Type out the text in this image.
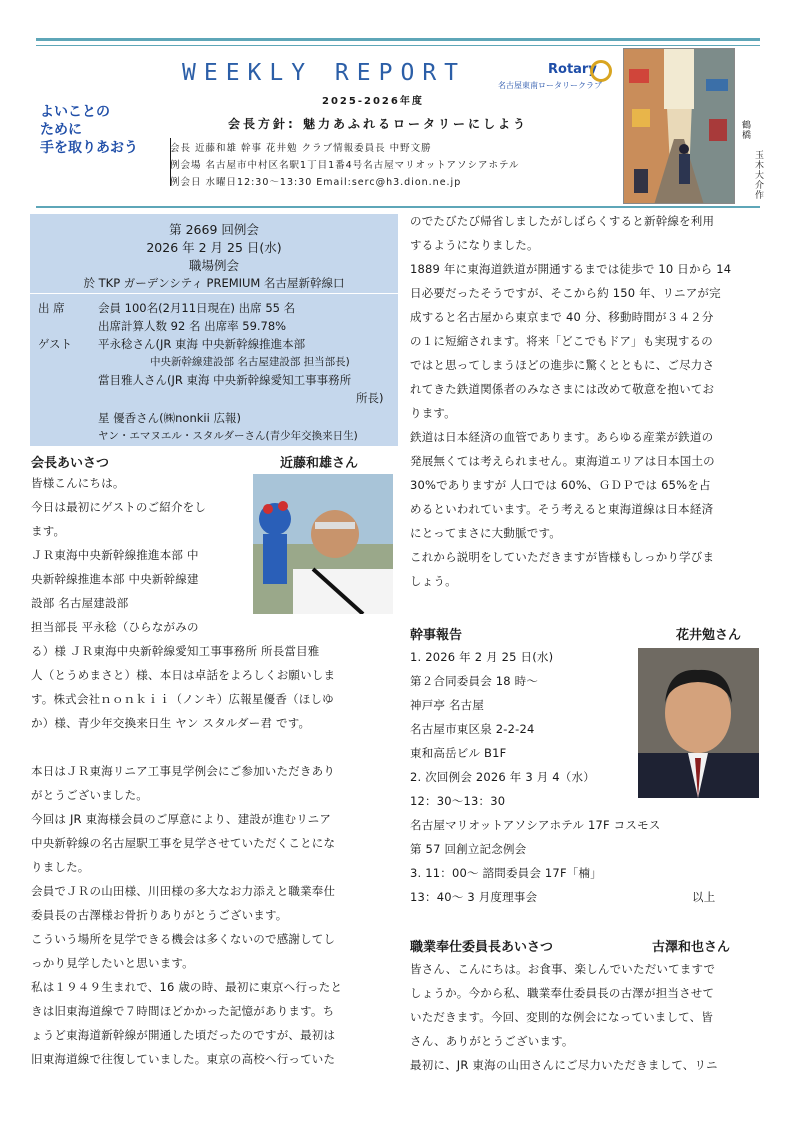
よいことの
ために
手を取りあおう
WEEKLY REPORT	Rotary
名古屋東南ロータリークラブ
2025-2026年度
会長方針: 魅力あふれるロータリーにしよう
会長 近藤和雄 幹事 花井勉 クラブ情報委員長 中野文勝
例会場 名古屋市中村区名駅1丁目1番4号名古屋マリオットアソシアホテル
例会日 水曜日12:30〜13:30 Email:serc@h3.dion.ne.jp
鶴橋
玉木大介作
第 2669 回例会
2026 年 2 月 25 日(水)
職場例会
於 TKP ガーデンシティ PREMIUM 名古屋新幹線口
出 席	会員 100名(2月11日現在) 出席 55 名
出席計算人数 92 名 出席率 59.78%
ゲスト 平永稔さん(JR 東海 中央新幹線推進本部
中央新幹線建設部 名古屋建設部 担当部長)
當目雅人さん(JR 東海 中央新幹線愛知工事事務所
所長)
星 優香さん(㈱nonkii 広報)
ヤン・エマヌエル・スタルダーさん(青少年交換来日生)
会長あいさつ	近藤和雄さん
皆様こんにちは。
今日は最初にゲストのご紹介をし
ます。
ＪＲ東海中央新幹線推進本部 中
央新幹線推進本部 中央新幹線建
設部 名古屋建設部
担当部長 平永稔（ひらながみの
る）様 ＪＲ東海中央新幹線愛知工事事務所 所長當目雅
人（とうめまさと）様、本日は卓話をよろしくお願いしま
す。株式会社ｎｏｎｋｉｉ（ノンキ）広報星優香（ほしゆ
か）様、青少年交換来日生 ヤン スタルダー君 です。
本日はＪＲ東海リニア工事見学例会にご参加いただきあり
がとうございました。
今回は JR 東海様会員のご厚意により、建設が進むリニア
中央新幹線の名古屋駅工事を見学させていただくことにな
りました。
会員でＪＲの山田様、川田様の多大なお力添えと職業奉仕
委員長の古澤様お骨折りありがとうございます。
こういう場所を見学できる機会は多くないので感謝してし
っかり見学したいと思います。
私は１９４９生まれで、16 歳の時、最初に東京へ行ったと
きは旧東海道線で７時間ほどかかった記憶があります。ち
ょうど東海道新幹線が開通した頃だったのですが、最初は
旧東海道線で往復していました。東京の高校へ行っていた
のでたびたび帰省しましたがしばらくすると新幹線を利用
するようになりました。
1889 年に東海道鉄道が開通するまでは徒歩で 10 日から 14
日必要だったそうですが、そこから約 150 年、リニアが完
成すると名古屋から東京まで 40 分、移動時間が３４２分
の１に短縮されます。将来「どこでもドア」も実現するの
ではと思ってしまうほどの進歩に驚くとともに、ご尽力さ
れてきた鉄道関係者のみなさまには改めて敬意を抱いてお
ります。
鉄道は日本経済の血管であります。あらゆる産業が鉄道の
発展無くては考えられません。東海道エリアは日本国土の
30%でありますが 人口では 60%、ＧＤＰでは 65%を占
めるといわれています。そう考えると東海道線は日本経済
にとってまさに大動脈です。
これから説明をしていただきますが皆様もしっかり学びま
しょう。
幹事報告	花井勉さん
1. 2026 年 2 月 25 日(水)
第２合同委員会 18 時〜
神戸亭 名古屋
名古屋市東区泉 2-2-24
東和高岳ビル B1F
2. 次回例会 2026 年 3 月 4（水）
12：30〜13：30
名古屋マリオットアソシアホテル 17F コスモス
第 57 回創立記念例会
3. 11：00〜 諮問委員会 17F「楠」
13：40〜 3 月度理事会	以上
職業奉仕委員長あいさつ	古澤和也さん
皆さん、こんにちは。お食事、楽しんでいただいてますで
しょうか。今から私、職業奉仕委員長の古澤が担当させて
いただきます。今回、変則的な例会になっていまして、皆
さん、ありがとうございます。
最初に、JR 東海の山田さんにご尽力いただきまして、リニ
